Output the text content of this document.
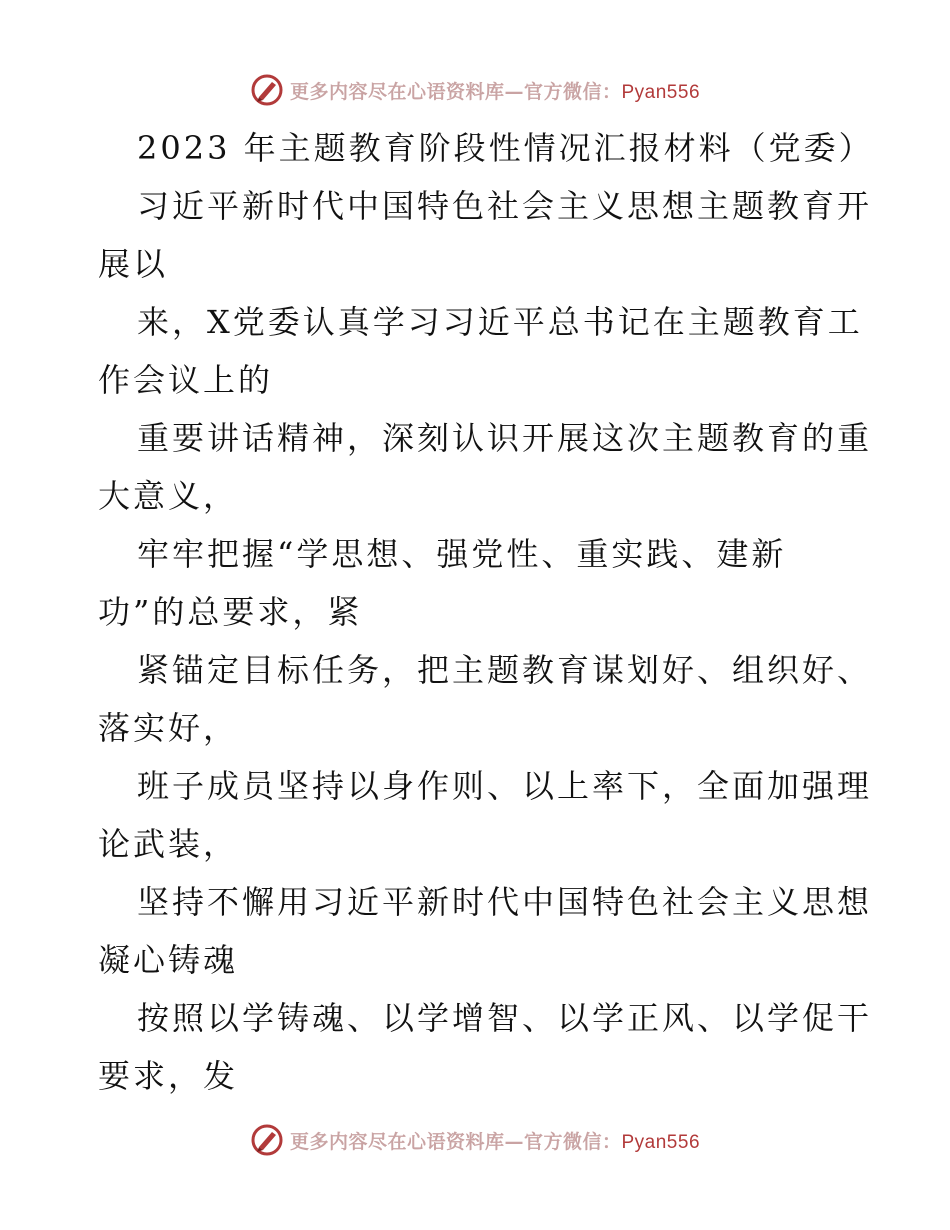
更多内容尽在心语资料库—官方微信：Pyan556
2023 年主题教育阶段性情况汇报材料（党委）
习近平新时代中国特色社会主义思想主题教育开
展以
来，X党委认真学习习近平总书记在主题教育工
作会议上的
重要讲话精神，深刻认识开展这次主题教育的重
大意义，
牢牢把握“学思想、强党性、重实践、建新
功”的总要求，紧
紧锚定目标任务，把主题教育谋划好、组织好、
落实好，
班子成员坚持以身作则、以上率下，全面加强理
论武装，
坚持不懈用习近平新时代中国特色社会主义思想
凝心铸魂
按照以学铸魂、以学增智、以学正风、以学促干
要求，发
更多内容尽在心语资料库—官方微信：Pyan556
